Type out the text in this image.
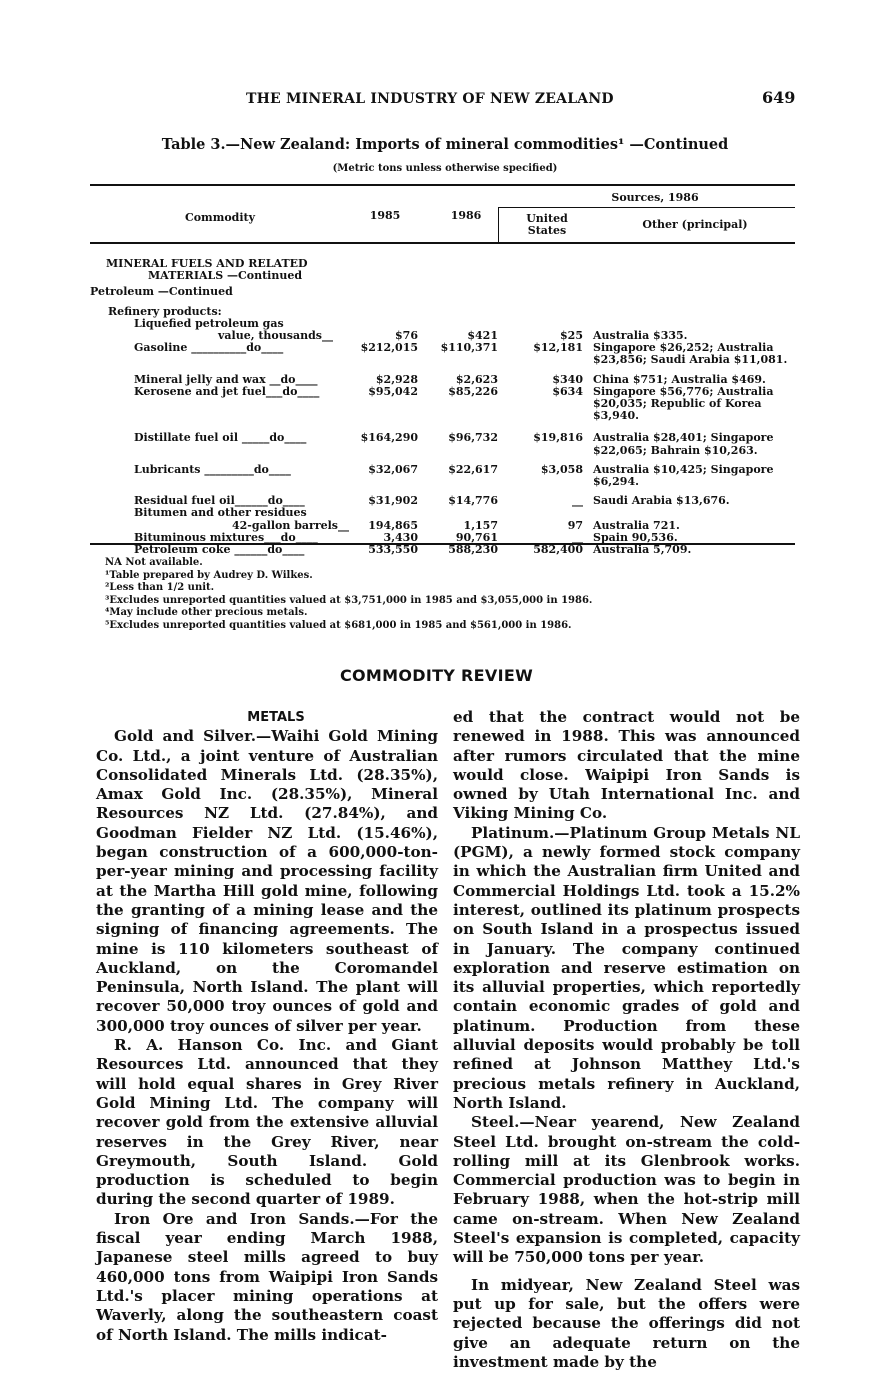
THE MINERAL INDUSTRY OF NEW ZEALAND	649
Table 3.—New Zealand: Imports of mineral commodities¹ —Continued
(Metric tons unless otherwise specified)
Commodity	1985	1986
Sources, 1986
United States	Other (principal)
MINERAL FUELS AND RELATED				
MATERIALS —Continued				
Petroleum —Continued				

Refinery products:				
Liquefied petroleum gas				
value, thousands__	$76	$421	$25	Australia $335.
Gasoline __________do____	$212,015	$110,371	$12,181	Singapore $26,252; Australia $23,856; Saudi Arabia $11,081.

Mineral jelly and wax __do____	$2,928	$2,623	$340	China $751; Australia $469.
Kerosene and jet fuel___do____	$95,042	$85,226	$634	Singapore $56,776; Australia $20,035; Republic of Korea $3,940.

Distillate fuel oil _____do____	$164,290	$96,732	$19,816	Australia $28,401; Singapore $22,065; Bahrain $10,263.

Lubricants _________do____	$32,067	$22,617	$3,058	Australia $10,425; Singapore $6,294.

Residual fuel oil______do____	$31,902	$14,776	__	Saudi Arabia $13,676.
Bitumen and other residues				
42-gallon barrels__	194,865	1,157	97	Australia 721.
Bituminous mixtures___do____	3,430	90,761	__	Spain 90,536.
Petroleum coke ______do____	533,550	588,230	582,400	Australia 5,709.
NA Not available.
¹Table prepared by Audrey D. Wilkes.
²Less than 1/2 unit.
³Excludes unreported quantities valued at $3,751,000 in 1985 and $3,055,000 in 1986.
⁴May include other precious metals.
⁵Excludes unreported quantities valued at $681,000 in 1985 and $561,000 in 1986.
COMMODITY REVIEW

METALS

Gold and Silver.—Waihi Gold Mining Co. Ltd., a joint venture of Australian Consolidated Minerals Ltd. (28.35%), Amax Gold Inc. (28.35%), Mineral Resources NZ Ltd. (27.84%), and Goodman Fielder NZ Ltd. (15.46%), began construction of a 600,000-ton-per-year mining and processing facility at the Martha Hill gold mine, following the granting of a mining lease and the signing of financing agreements. The mine is 110 kilometers southeast of Auckland, on the Coromandel Peninsula, North Island. The plant will recover 50,000 troy ounces of gold and 300,000 troy ounces of silver per year.

R. A. Hanson Co. Inc. and Giant Resources Ltd. announced that they will hold equal shares in Grey River Gold Mining Ltd. The company will recover gold from the extensive alluvial reserves in the Grey River, near Greymouth, South Island. Gold production is scheduled to begin during the second quarter of 1989.

Iron Ore and Iron Sands.—For the fiscal year ending March 1988, Japanese steel mills agreed to buy 460,000 tons from Waipipi Iron Sands Ltd.'s placer mining operations at Waverly, along the southeastern coast of North Island. The mills indicat-

ed that the contract would not be renewed in 1988. This was announced after rumors circulated that the mine would close. Waipipi Iron Sands is owned by Utah International Inc. and Viking Mining Co.

Platinum.—Platinum Group Metals NL (PGM), a newly formed stock company in which the Australian firm United and Commercial Holdings Ltd. took a 15.2% interest, outlined its platinum prospects on South Island in a prospectus issued in January. The company continued exploration and reserve estimation on its alluvial properties, which reportedly contain economic grades of gold and platinum. Production from these alluvial deposits would probably be toll refined at Johnson Matthey Ltd.'s precious metals refinery in Auckland, North Island.

Steel.—Near yearend, New Zealand Steel Ltd. brought on-stream the cold-rolling mill at its Glenbrook works. Commercial production was to begin in February 1988, when the hot-strip mill came on-stream. When New Zealand Steel's expansion is completed, capacity will be 750,000 tons per year.

In midyear, New Zealand Steel was put up for sale, but the offers were rejected because the offerings did not give an adequate return on the investment made by the
